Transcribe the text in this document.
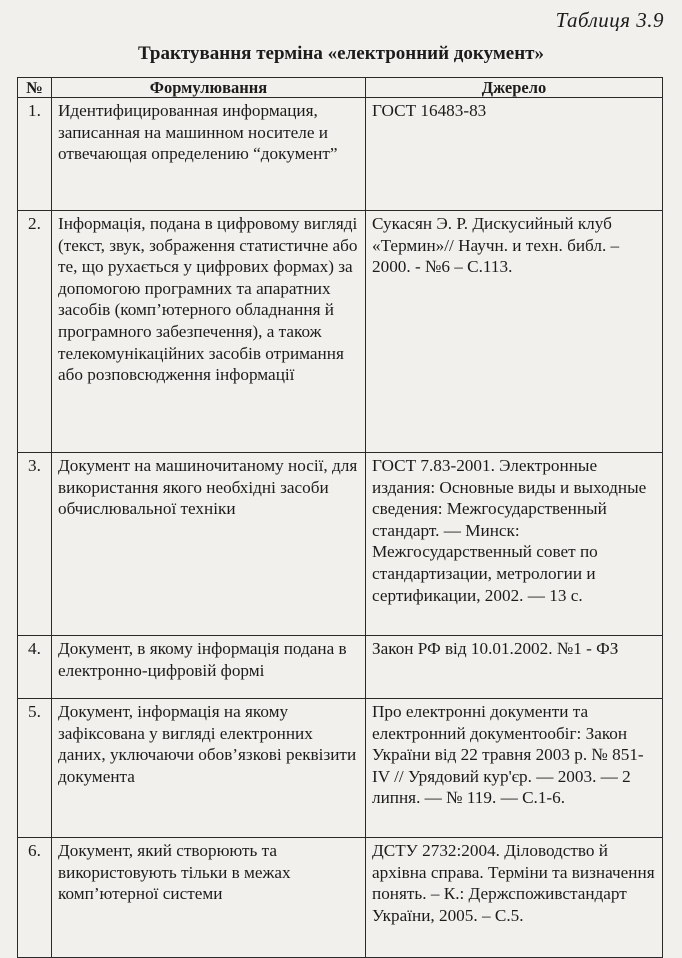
Таблиця 3.9
Трактування терміна «електронний документ»
№	Формулювання	Джерело
1.	Идентифицированная информация, записанная на машинном носителе и отвечающая определению “документ”	ГОСТ 16483-83
2.	Інформація, подана в цифровому вигляді (текст, звук, зображення статистичне або те, що рухається у цифрових формах) за допомогою програмних та апаратних засобів (комп’ютерного обладнання й програмного забезпечення), а також телекомунікаційних засобів отримання або розповсюдження інформації	Сукасян Э. Р. Дискусийный клуб «Термин»// Научн. и техн. библ. – 2000. - №6 – С.113.
3.	Документ на машиночитаному носії, для використання якого необхідні засоби обчислювальної техніки	ГОСТ 7.83-2001. Электронные издания: Основные виды и выходные сведения: Межгосударственный стандарт. — Минск: Межгосударственный совет по стандартизации, метрологии и сертификации, 2002. — 13 с.
4.	Документ, в якому інформація подана в електронно-цифровій формі	Закон РФ від 10.01.2002. №1 - ФЗ
5.	Документ, інформація на якому зафіксована у вигляді електронних даних, уключаючи обов’язкові реквізити документа	Про електронні документи та електронний документообіг: Закон України від 22 травня 2003 р. № 851-IV // Урядовий кур'єр. — 2003. — 2 липня. — № 119. — С.1-6.
6.	Документ, який створюють та використовують тільки в межах комп’ютерної системи	ДСТУ 2732:2004. Діловодство й архівна справа. Терміни та визначення понять. – К.: Держспоживстандарт України, 2005. – С.5.
